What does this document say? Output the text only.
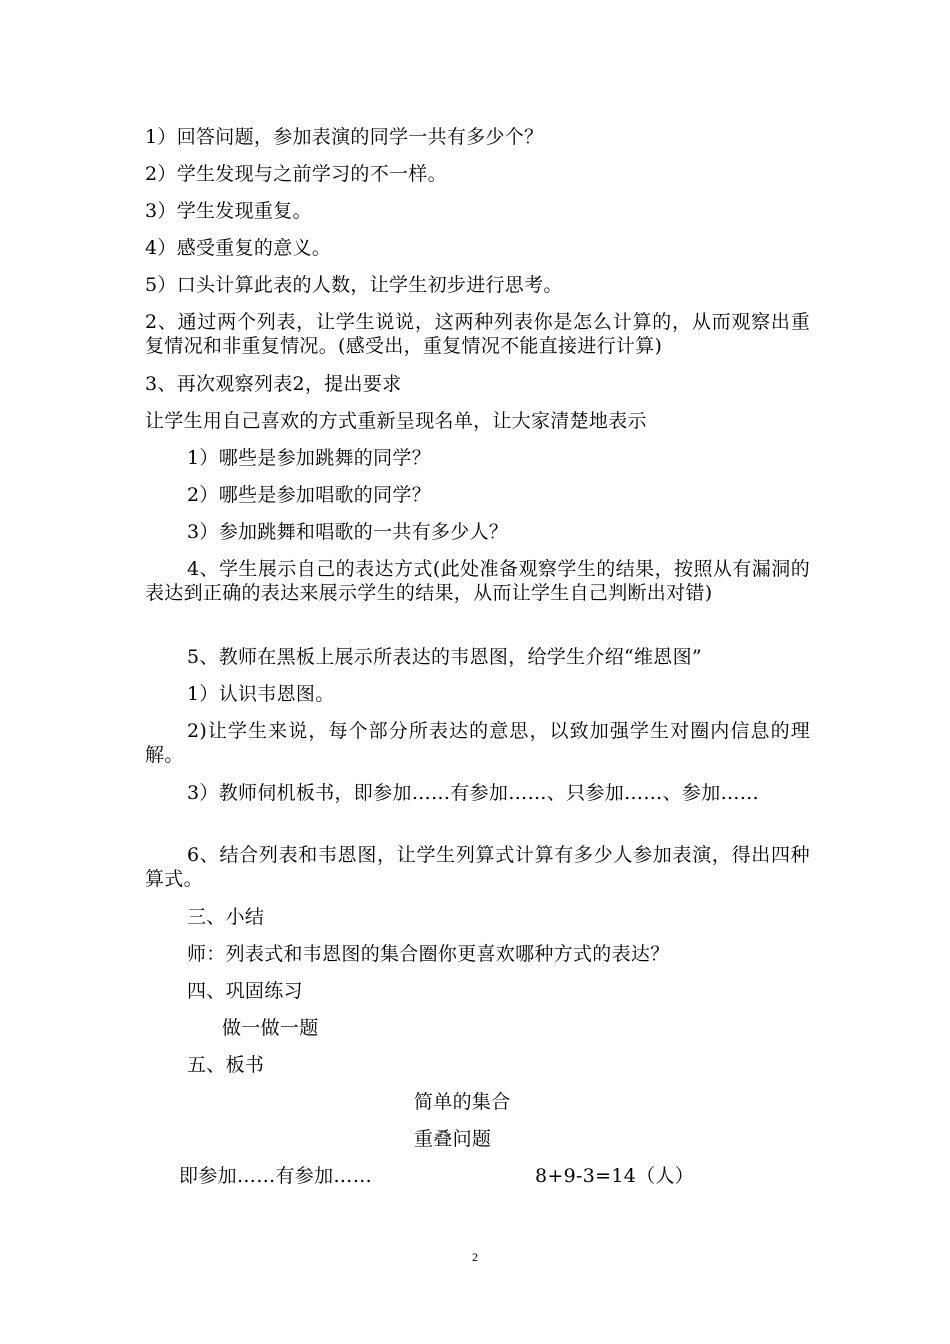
1）回答问题，参加表演的同学一共有多少个？
2）学生发现与之前学习的不一样。
3）学生发现重复。
4）感受重复的意义。
5）口头计算此表的人数，让学生初步进行思考。
2、通过两个列表，让学生说说，这两种列表你是怎么计算的，从而观察出重复情况和非重复情况。(感受出，重复情况不能直接进行计算)
3、再次观察列表2，提出要求
让学生用自己喜欢的方式重新呈现名单，让大家清楚地表示
1）哪些是参加跳舞的同学？
2）哪些是参加唱歌的同学？
3）参加跳舞和唱歌的一共有多少人？
4、学生展示自己的表达方式(此处准备观察学生的结果，按照从有漏洞的表达到正确的表达来展示学生的结果，从而让学生自己判断出对错)
5、教师在黑板上展示所表达的韦恩图，给学生介绍“维恩图”
1）认识韦恩图。
2)让学生来说，每个部分所表达的意思，以致加强学生对圈内信息的理解。
3）教师伺机板书，即参加……有参加……、只参加……、参加……
6、结合列表和韦恩图，让学生列算式计算有多少人参加表演，得出四种算式。
三、小结
师：列表式和韦恩图的集合圈你更喜欢哪种方式的表达？
四、巩固练习
做一做一题
五、板书
简单的集合
重叠问题
即参加……有参加……	8+9-3=14（人）
2
